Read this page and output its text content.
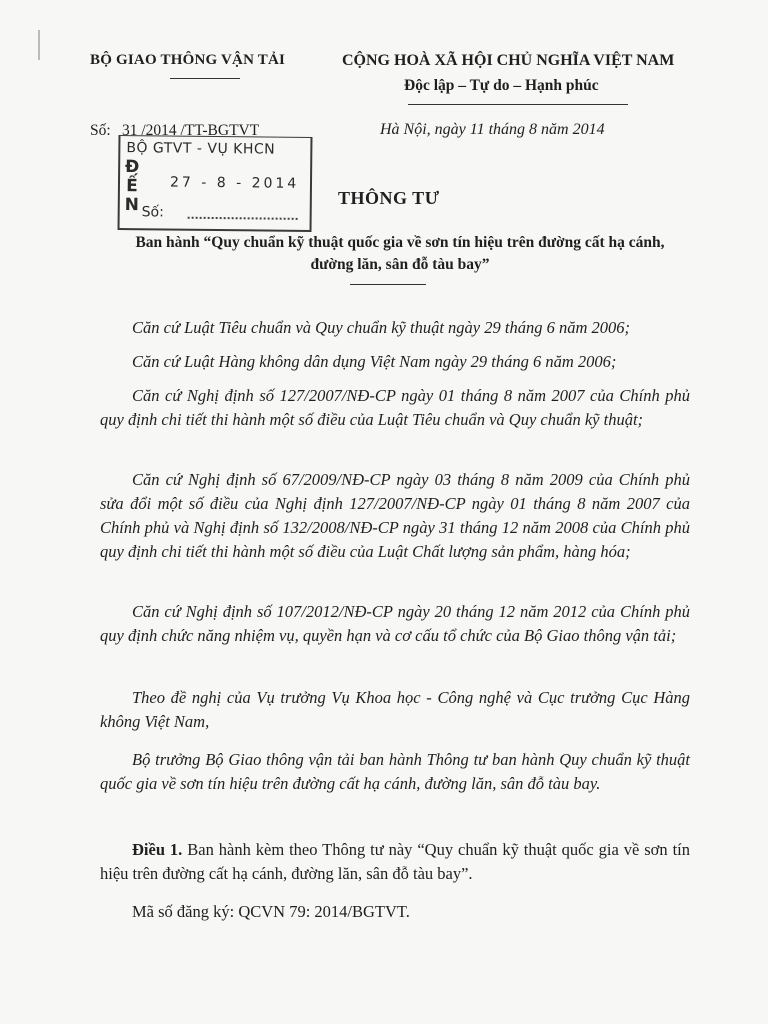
BỘ GIAO THÔNG VẬN TẢI	CỘNG HOÀ XÃ HỘI CHỦ NGHĨA VIỆT NAM
Độc lập – Tự do – Hạnh phúc
Số: 31 /2014 /TT-BGTVT	Hà Nội, ngày 11 tháng 8 năm 2014
BỘ GTVT - VỤ KHCN
Đ
Ế
N
27 - 8 - 2014
Số:
THÔNG TƯ
Ban hành “Quy chuẩn kỹ thuật quốc gia về sơn tín hiệu trên đường cất hạ cánh, đường lăn, sân đỗ tàu bay”
Căn cứ Luật Tiêu chuẩn và Quy chuẩn kỹ thuật ngày 29 tháng 6 năm 2006;
Căn cứ Luật Hàng không dân dụng Việt Nam ngày 29 tháng 6 năm 2006;
Căn cứ Nghị định số 127/2007/NĐ-CP ngày 01 tháng 8 năm 2007 của Chính phủ quy định chi tiết thi hành một số điều của Luật Tiêu chuẩn và Quy chuẩn kỹ thuật;
Căn cứ Nghị định số 67/2009/NĐ-CP ngày 03 tháng 8 năm 2009 của Chính phủ sửa đổi một số điều của Nghị định 127/2007/NĐ-CP ngày 01 tháng 8 năm 2007 của Chính phủ và Nghị định số 132/2008/NĐ-CP ngày 31 tháng 12 năm 2008 của Chính phủ quy định chi tiết thi hành một số điều của Luật Chất lượng sản phẩm, hàng hóa;
Căn cứ Nghị định số 107/2012/NĐ-CP ngày 20 tháng 12 năm 2012 của Chính phủ quy định chức năng nhiệm vụ, quyền hạn và cơ cấu tổ chức của Bộ Giao thông vận tải;
Theo đề nghị của Vụ trưởng Vụ Khoa học - Công nghệ và Cục trưởng Cục Hàng không Việt Nam,
Bộ trưởng Bộ Giao thông vận tải ban hành Thông tư ban hành Quy chuẩn kỹ thuật quốc gia về sơn tín hiệu trên đường cất hạ cánh, đường lăn, sân đỗ tàu bay.
Điều 1. Ban hành kèm theo Thông tư này “Quy chuẩn kỹ thuật quốc gia về sơn tín hiệu trên đường cất hạ cánh, đường lăn, sân đỗ tàu bay”.
Mã số đăng ký: QCVN 79: 2014/BGTVT.
